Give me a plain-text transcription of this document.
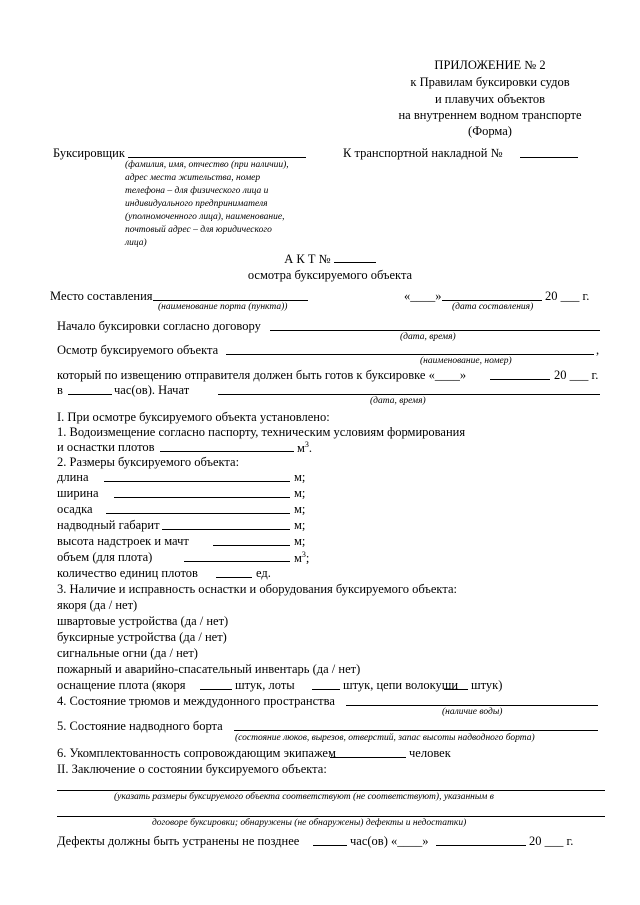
ПРИЛОЖЕНИЕ № 2
к Правилам буксировки судов
и плавучих объектов
на внутреннем водном транспорте
(Форма)
Буксировщик
(фамилия, имя, отчество (при наличии),
адрес места жительства, номер
телефона – для физического лица и
индивидуального предпринимателя
(уполномоченного лица), наименование,
почтовый адрес – для юридического
лица)
К транспортной накладной №
А К Т №
осмотра буксируемого объекта
Место составления
(наименование порта (пункта))
«____»	20 ___ г.
(дата составления)
Начало буксировки согласно договору
(дата, время)
Осмотр буксируемого объекта	,
(наименование, номер)
который по извещению отправителя должен быть готов к буксировке «____»	20 ___ г.
в	час(ов). Начат
(дата, время)
I. При осмотре буксируемого объекта установлено:
1. Водоизмещение согласно паспорту, техническим условиям формирования
и оснастки плотов	$м^3$.
2. Размеры буксируемого объекта:
длина	м;
ширина	м;
осадка	м;
надводный габарит	м;
высота надстроек и мачт	м;
объем (для плота)	$м^3$;
количество единиц плотов	ед.
3. Наличие и исправность оснастки и оборудования буксируемого объекта:
якоря (да / нет)
швартовые устройства (да / нет)
буксирные устройства (да / нет)
сигнальные огни (да / нет)
пожарный и аварийно-спасательный инвентарь (да / нет)
оснащение плота (якоря	штук, лоты	штук, цепи волокуши штук)
4. Состояние трюмов и междудонного пространства
(наличие воды)
5. Состояние надводного борта
(состояние люков, вырезов, отверстий, запас высоты надводного борта)
6. Укомплектованность сопровождающим экипажем	человек
II. Заключение о состоянии буксируемого объекта:
(указать размеры буксируемого объекта соответствуют (не соответствуют), указанным в
договоре буксировки; обнаружены (не обнаружены) дефекты и недостатки)
Дефекты должны быть устранены не позднее	час(ов) «____»	20 ___ г.
